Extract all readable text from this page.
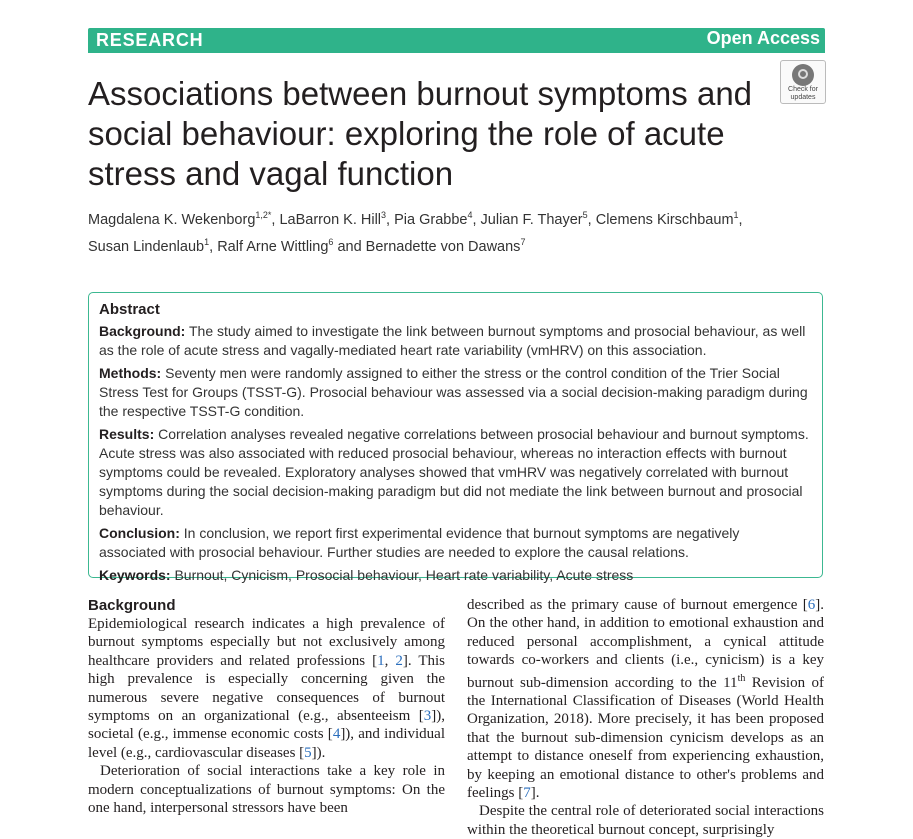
RESEARCH	Open Access
Check for
updates
Associations between burnout symptoms and social behaviour: exploring the role of acute stress and vagal function
Magdalena K. Wekenborg$^{1,2*}$, LaBarron K. Hill$^3$, Pia Grabbe$^4$, Julian F. Thayer$^5$, Clemens Kirschbaum$^1$,
Susan Lindenlaub$^1$, Ralf Arne Wittling$^6$ and Bernadette von Dawans$^7$
Abstract

Background: The study aimed to investigate the link between burnout symptoms and prosocial behaviour, as well as the role of acute stress and vagally-mediated heart rate variability (vmHRV) on this association.

Methods: Seventy men were randomly assigned to either the stress or the control condition of the Trier Social Stress Test for Groups (TSST-G). Prosocial behaviour was assessed via a social decision-making paradigm during the respective TSST-G condition.

Results: Correlation analyses revealed negative correlations between prosocial behaviour and burnout symptoms. Acute stress was also associated with reduced prosocial behaviour, whereas no interaction effects with burnout symptoms could be revealed. Exploratory analyses showed that vmHRV was negatively correlated with burnout symptoms during the social decision-making paradigm but did not mediate the link between burnout and prosocial behaviour.

Conclusion: In conclusion, we report first experimental evidence that burnout symptoms are negatively associated with prosocial behaviour. Further studies are needed to explore the causal relations.

Keywords: Burnout, Cynicism, Prosocial behaviour, Heart rate variability, Acute stress

Background

Epidemiological research indicates a high prevalence of burnout symptoms especially but not exclusively among healthcare providers and related professions [1, 2]. This high prevalence is especially concerning given the numerous severe negative consequences of burnout symptoms on an organizational (e.g., absenteeism [3]), societal (e.g., immense economic costs [4]), and individual level (e.g., cardiovascular diseases [5]).

Deterioration of social interactions take a key role in modern conceptualizations of burnout symptoms: On the one hand, interpersonal stressors have been

described as the primary cause of burnout emergence [6]. On the other hand, in addition to emotional exhaustion and reduced personal accomplishment, a cynical attitude towards co-workers and clients (i.e., cynicism) is a key burnout sub-dimension according to the 11th Revision of the International Classification of Diseases (World Health Organization, 2018). More precisely, it has been proposed that the burnout sub-dimension cynicism develops as an attempt to distance oneself from experiencing exhaustion, by keeping an emotional distance to other's problems and feelings [7].

Despite the central role of deteriorated social interactions within the theoretical burnout concept, surprisingly
